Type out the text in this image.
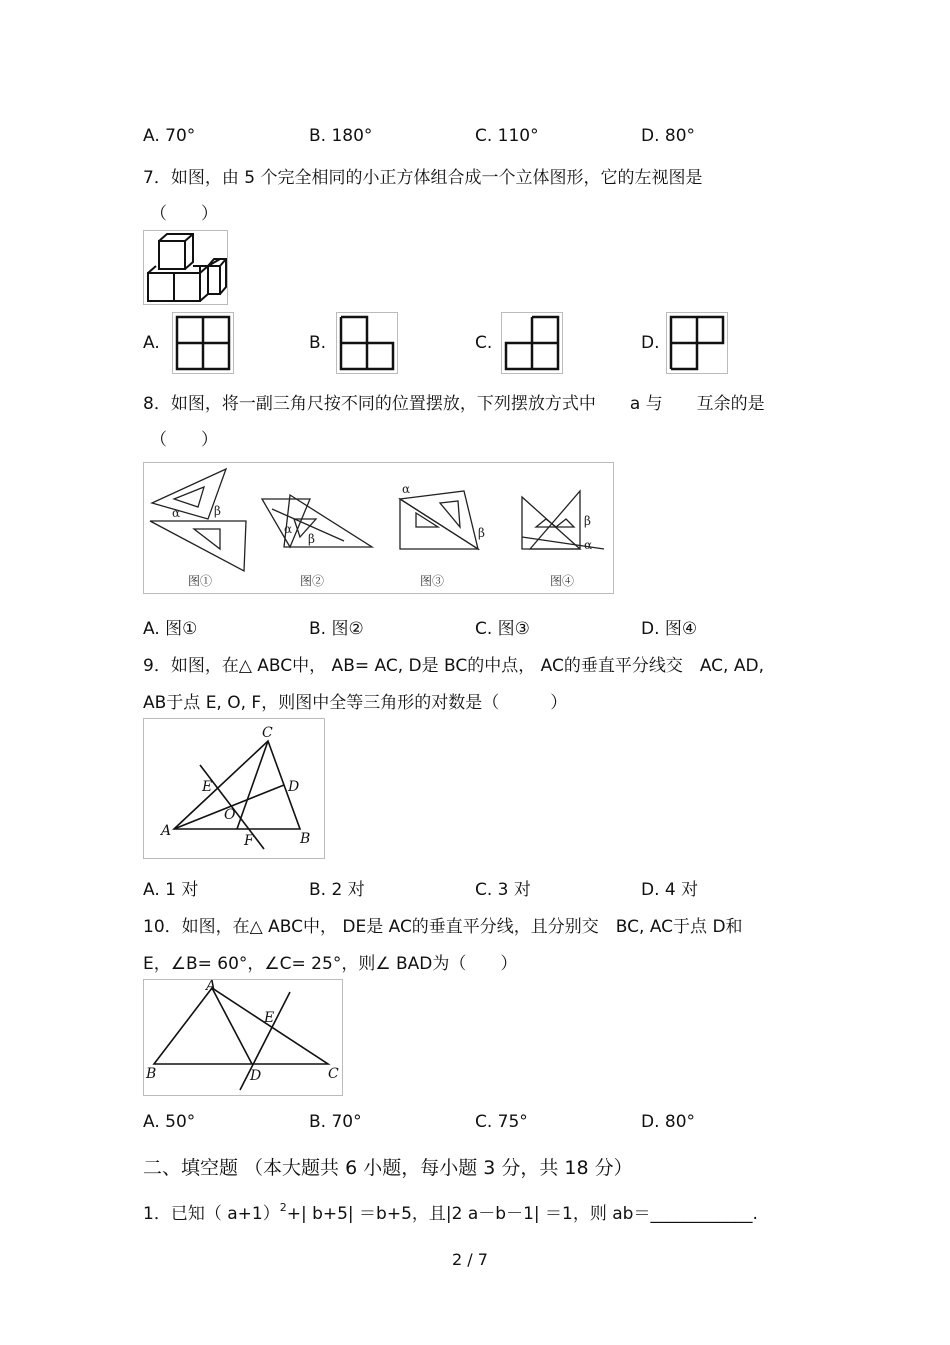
A. 70°	B. 180°	C. 110°	D. 80°
7．如图，由 5 个完全相同的小正方体组合成一个立体图形，它的左视图是
（　　）
A.	B.	C.	D.
8．如图，将一副三角尺按不同的位置摆放，下列摆放方式中　　a 与　　互余的是
（　　）
α	β
α
β
α
β
β
α
图①	图②	图③	图④
A. 图①	B. 图②	C. 图③	D. 图④
9．如图，在△ ABC中， AB= AC, D是 BC的中点， AC的垂直平分线交　AC, AD,
AB于点 E, O, F，则图中全等三角形的对数是（　　　）
C
E	D
O
A	B
F
A. 1 对	B. 2 对	C. 3 对	D. 4 对
10．如图，在△ ABC中， DE是 AC的垂直平分线，且分别交　BC, AC于点 D和
E，∠B= 60°，∠C= 25°，则∠ BAD为（　　）
A
E
B	D	C
A. 50°	B. 70°	C. 75°	D. 80°
二、填空题 （本大题共 6 小题，每小题 3 分，共 18 分）
1．已知（ a+1）$^2$+| b+5| ＝b+5，且|2 a－b－1| ＝1，则 ab＝____________.
2 / 7
